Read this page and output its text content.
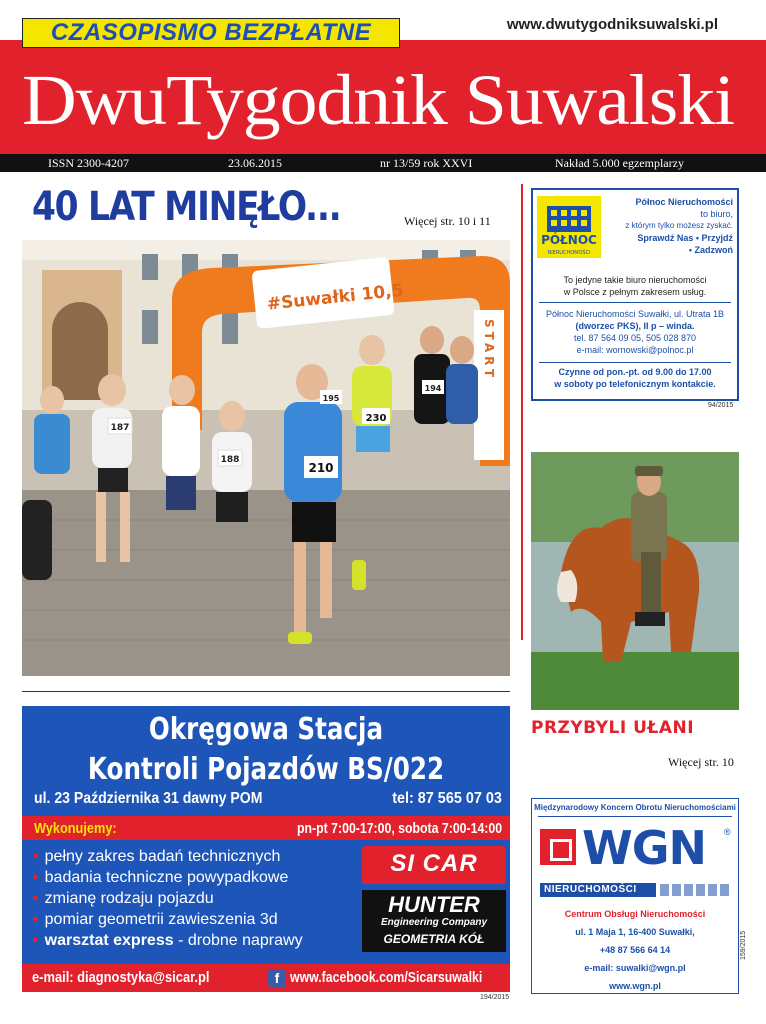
CZASOPISMO BEZPŁATNE	www.dwutygodniksuwalski.pl
DwuTygodnik Suwalski
ISSN 2300-4207	23.06.2015	nr 13/59 rok XXVI	Nakład 5.000 egzemplarzy
40 LAT MINĘŁO...	Więcej str. 10 i 11
#Suwałki 10,5
START
210
230
187
188
195
194
PÓŁNOC
NIERUCHOMOŚCI
Północ Nieruchomości
to biuro,
z którym tylko możesz zyskać.
Sprawdź Nas • Przyjdź
• Zadzwoń
To jedyne takie biuro nieruchomości
w Polsce z pełnym zakresem usług.
Północ Nieruchomości Suwałki, ul. Utrata 1B
(dworzec PKS), II p – winda.
tel. 87 564 09 05, 505 028 870
e-mail: wornowski@polnoc.pl
Czynne od pon.-pt. od 9.00 do 17.00
w soboty po telefonicznym kontakcie.
94/2015
PRZYBYLI UŁANI
Więcej str. 10
Okręgowa Stacja
Kontroli Pojazdów BS/022
ul. 23 Października 31 dawny POM	tel: 87 565 07 03
Wykonujemy:	pn-pt 7:00-17:00, sobota 7:00-14:00
● pełny zakres badań technicznych
● badania techniczne powypadkowe
● zmianę rodzaju pojazdu
● pomiar geometrii zawieszenia 3d
● warsztat express - drobne naprawy
SI CAR
HUNTER
Engineering Company
GEOMETRIA KÓŁ
e-mail: diagnostyka@sicar.pl	f www.facebook.com/Sicarsuwalki
194/2015
Międzynarodowy Koncern Obrotu Nieruchomościami
WGN ®
NIERUCHOMOŚCI
Centrum Obsługi Nieruchomości
ul. 1 Maja 1, 16-400 Suwałki,
+48 87 566 64 14
e-mail: suwalki@wgn.pl
www.wgn.pl
159/2015
